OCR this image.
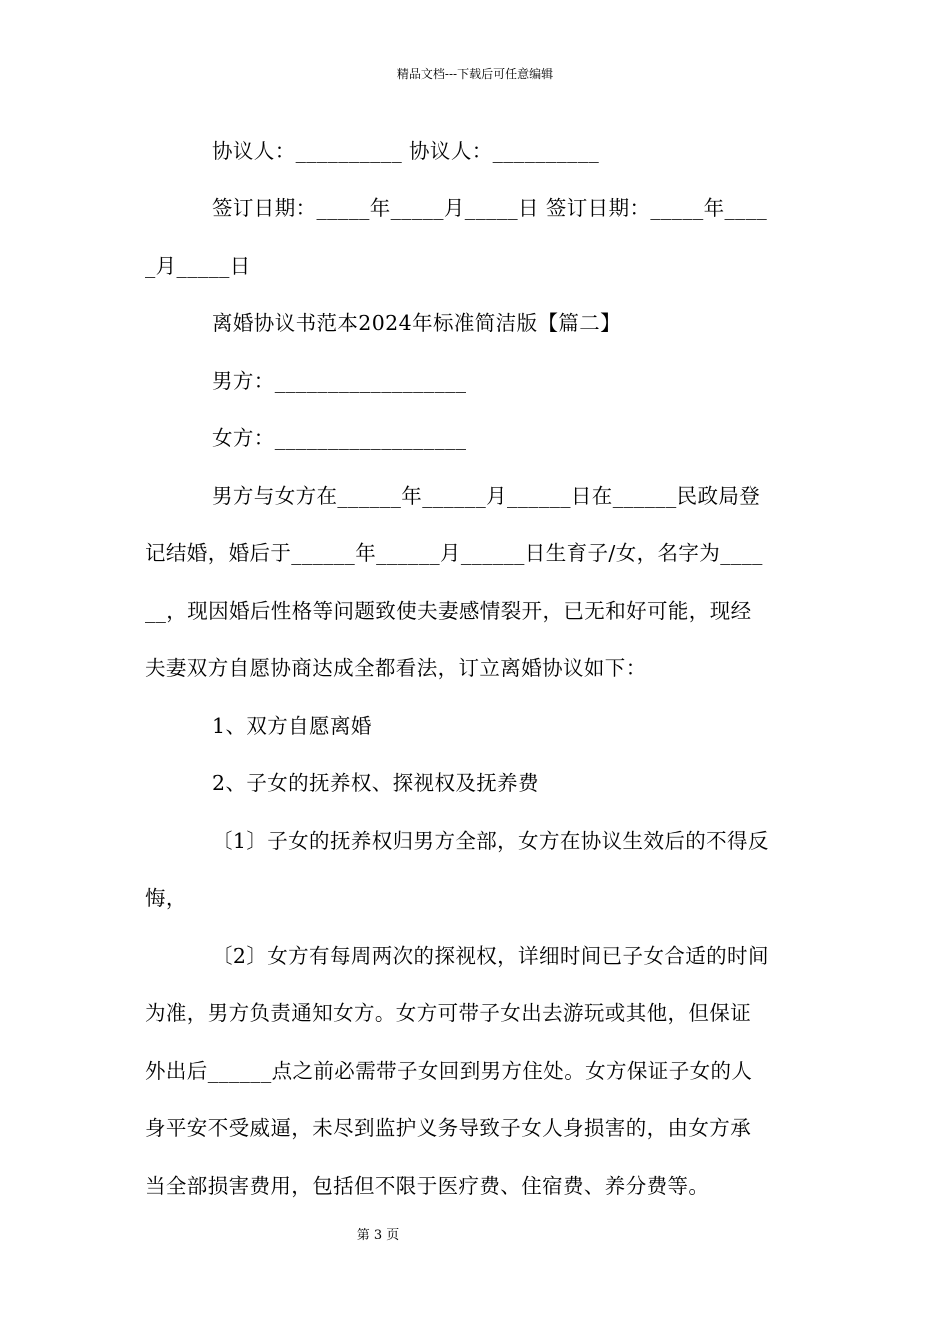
精品文档---下载后可任意编辑
协议人：__________ 协议人：__________
签订日期：_____年_____月_____日 签订日期：_____年____
_月_____日
离婚协议书范本2024年标准简洁版【篇二】
男方：__________________
女方：__________________
男方与女方在______年______月______日在______民政局登
记结婚，婚后于______年______月______日生育子/女，名字为____
__，现因婚后性格等问题致使夫妻感情裂开，已无和好可能，现经
夫妻双方自愿协商达成全都看法，订立离婚协议如下：
1、双方自愿离婚
2、子女的抚养权、探视权及抚养费
〔1〕子女的抚养权归男方全部，女方在协议生效后的不得反
悔，
〔2〕女方有每周两次的探视权，详细时间已子女合适的时间
为准，男方负责通知女方。女方可带子女出去游玩或其他，但保证
外出后______点之前必需带子女回到男方住处。女方保证子女的人
身平安不受威逼，未尽到监护义务导致子女人身损害的，由女方承
当全部损害费用，包括但不限于医疗费、住宿费、养分费等。
第 3 页
